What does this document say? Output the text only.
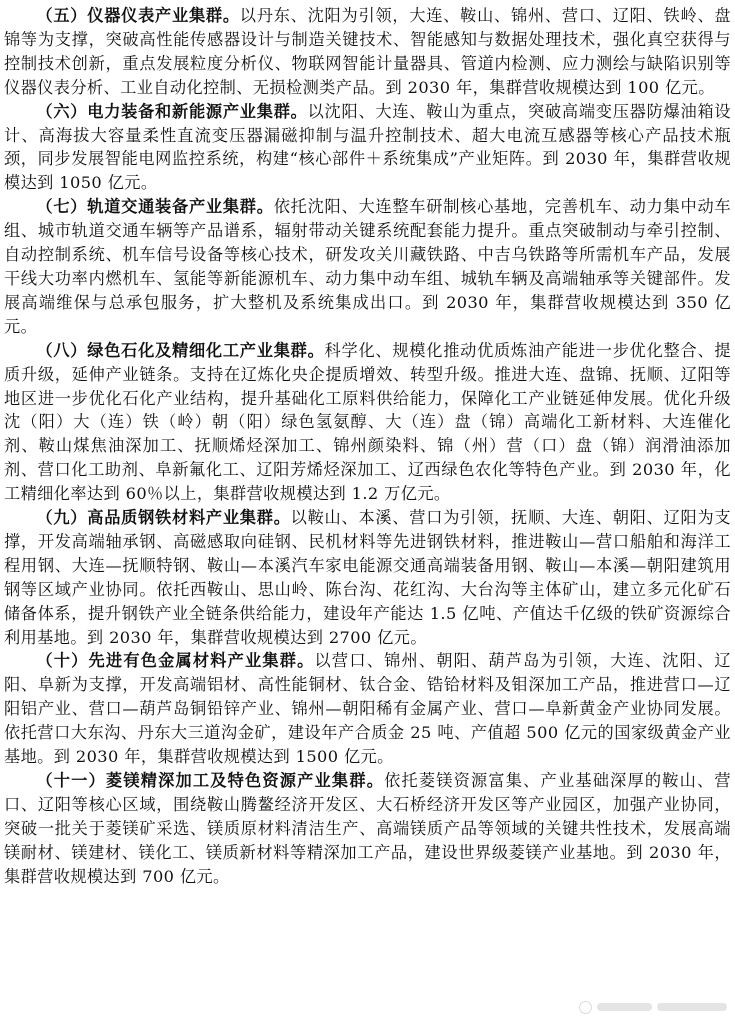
（五）仪器仪表产业集群。以丹东、沈阳为引领，大连、鞍山、锦州、营口、辽阳、铁岭、盘锦等为支撑，突破高性能传感器设计与制造关键技术、智能感知与数据处理技术，强化真空获得与控制技术创新，重点发展粒度分析仪、物联网智能计量器具、管道内检测、应力测绘与缺陷识别等仪器仪表分析、工业自动化控制、无损检测类产品。到 2030 年，集群营收规模达到 100 亿元。

（六）电力装备和新能源产业集群。以沈阳、大连、鞍山为重点，突破高端变压器防爆油箱设计、高海拔大容量柔性直流变压器漏磁抑制与温升控制技术、超大电流互感器等核心产品技术瓶颈，同步发展智能电网监控系统，构建“核心部件＋系统集成”产业矩阵。到 2030 年，集群营收规模达到 1050 亿元。

（七）轨道交通装备产业集群。依托沈阳、大连整车研制核心基地，完善机车、动力集中动车组、城市轨道交通车辆等产品谱系，辐射带动关键系统配套能力提升。重点突破制动与牵引控制、自动控制系统、机车信号设备等核心技术，研发攻关川藏铁路、中吉乌铁路等所需机车产品，发展干线大功率内燃机车、氢能等新能源机车、动力集中动车组、城轨车辆及高端轴承等关键部件。发展高端维保与总承包服务，扩大整机及系统集成出口。到 2030 年，集群营收规模达到 350 亿元。

（八）绿色石化及精细化工产业集群。科学化、规模化推动优质炼油产能进一步优化整合、提质升级，延伸产业链条。支持在辽炼化央企提质增效、转型升级。推进大连、盘锦、抚顺、辽阳等地区进一步优化石化产业结构，提升基础化工原料供给能力，保障化工产业链延伸发展。优化升级沈（阳）大（连）铁（岭）朝（阳）绿色氢氨醇、大（连）盘（锦）高端化工新材料、大连催化剂、鞍山煤焦油深加工、抚顺烯烃深加工、锦州颜染料、锦（州）营（口）盘（锦）润滑油添加剂、营口化工助剂、阜新氟化工、辽阳芳烯烃深加工、辽西绿色农化等特色产业。到 2030 年，化工精细化率达到 60％以上，集群营收规模达到 1.2 万亿元。

（九）高品质钢铁材料产业集群。以鞍山、本溪、营口为引领，抚顺、大连、朝阳、辽阳为支撑，开发高端轴承钢、高磁感取向硅钢、民机材料等先进钢铁材料，推进鞍山—营口船舶和海洋工程用钢、大连—抚顺特钢、鞍山—本溪汽车家电能源交通高端装备用钢、鞍山—本溪—朝阳建筑用钢等区域产业协同。依托西鞍山、思山岭、陈台沟、花红沟、大台沟等主体矿山，建立多元化矿石储备体系，提升钢铁产业全链条供给能力，建设年产能达 1.5 亿吨、产值达千亿级的铁矿资源综合利用基地。到 2030 年，集群营收规模达到 2700 亿元。

（十）先进有色金属材料产业集群。以营口、锦州、朝阳、葫芦岛为引领，大连、沈阳、辽阳、阜新为支撑，开发高端铝材、高性能铜材、钛合金、锆铪材料及钼深加工产品，推进营口—辽阳铝产业、营口—葫芦岛铜铅锌产业、锦州—朝阳稀有金属产业、营口—阜新黄金产业协同发展。依托营口大东沟、丹东大三道沟金矿，建设年产合质金 25 吨、产值超 500 亿元的国家级黄金产业基地。到 2030 年，集群营收规模达到 1500 亿元。

（十一）菱镁精深加工及特色资源产业集群。依托菱镁资源富集、产业基础深厚的鞍山、营口、辽阳等核心区域，围绕鞍山腾鳌经济开发区、大石桥经济开发区等产业园区，加强产业协同，突破一批关于菱镁矿采选、镁质原材料清洁生产、高端镁质产品等领域的关键共性技术，发展高端镁耐材、镁建材、镁化工、镁质新材料等精深加工产品，建设世界级菱镁产业基地。到 2030 年，集群营收规模达到 700 亿元。
